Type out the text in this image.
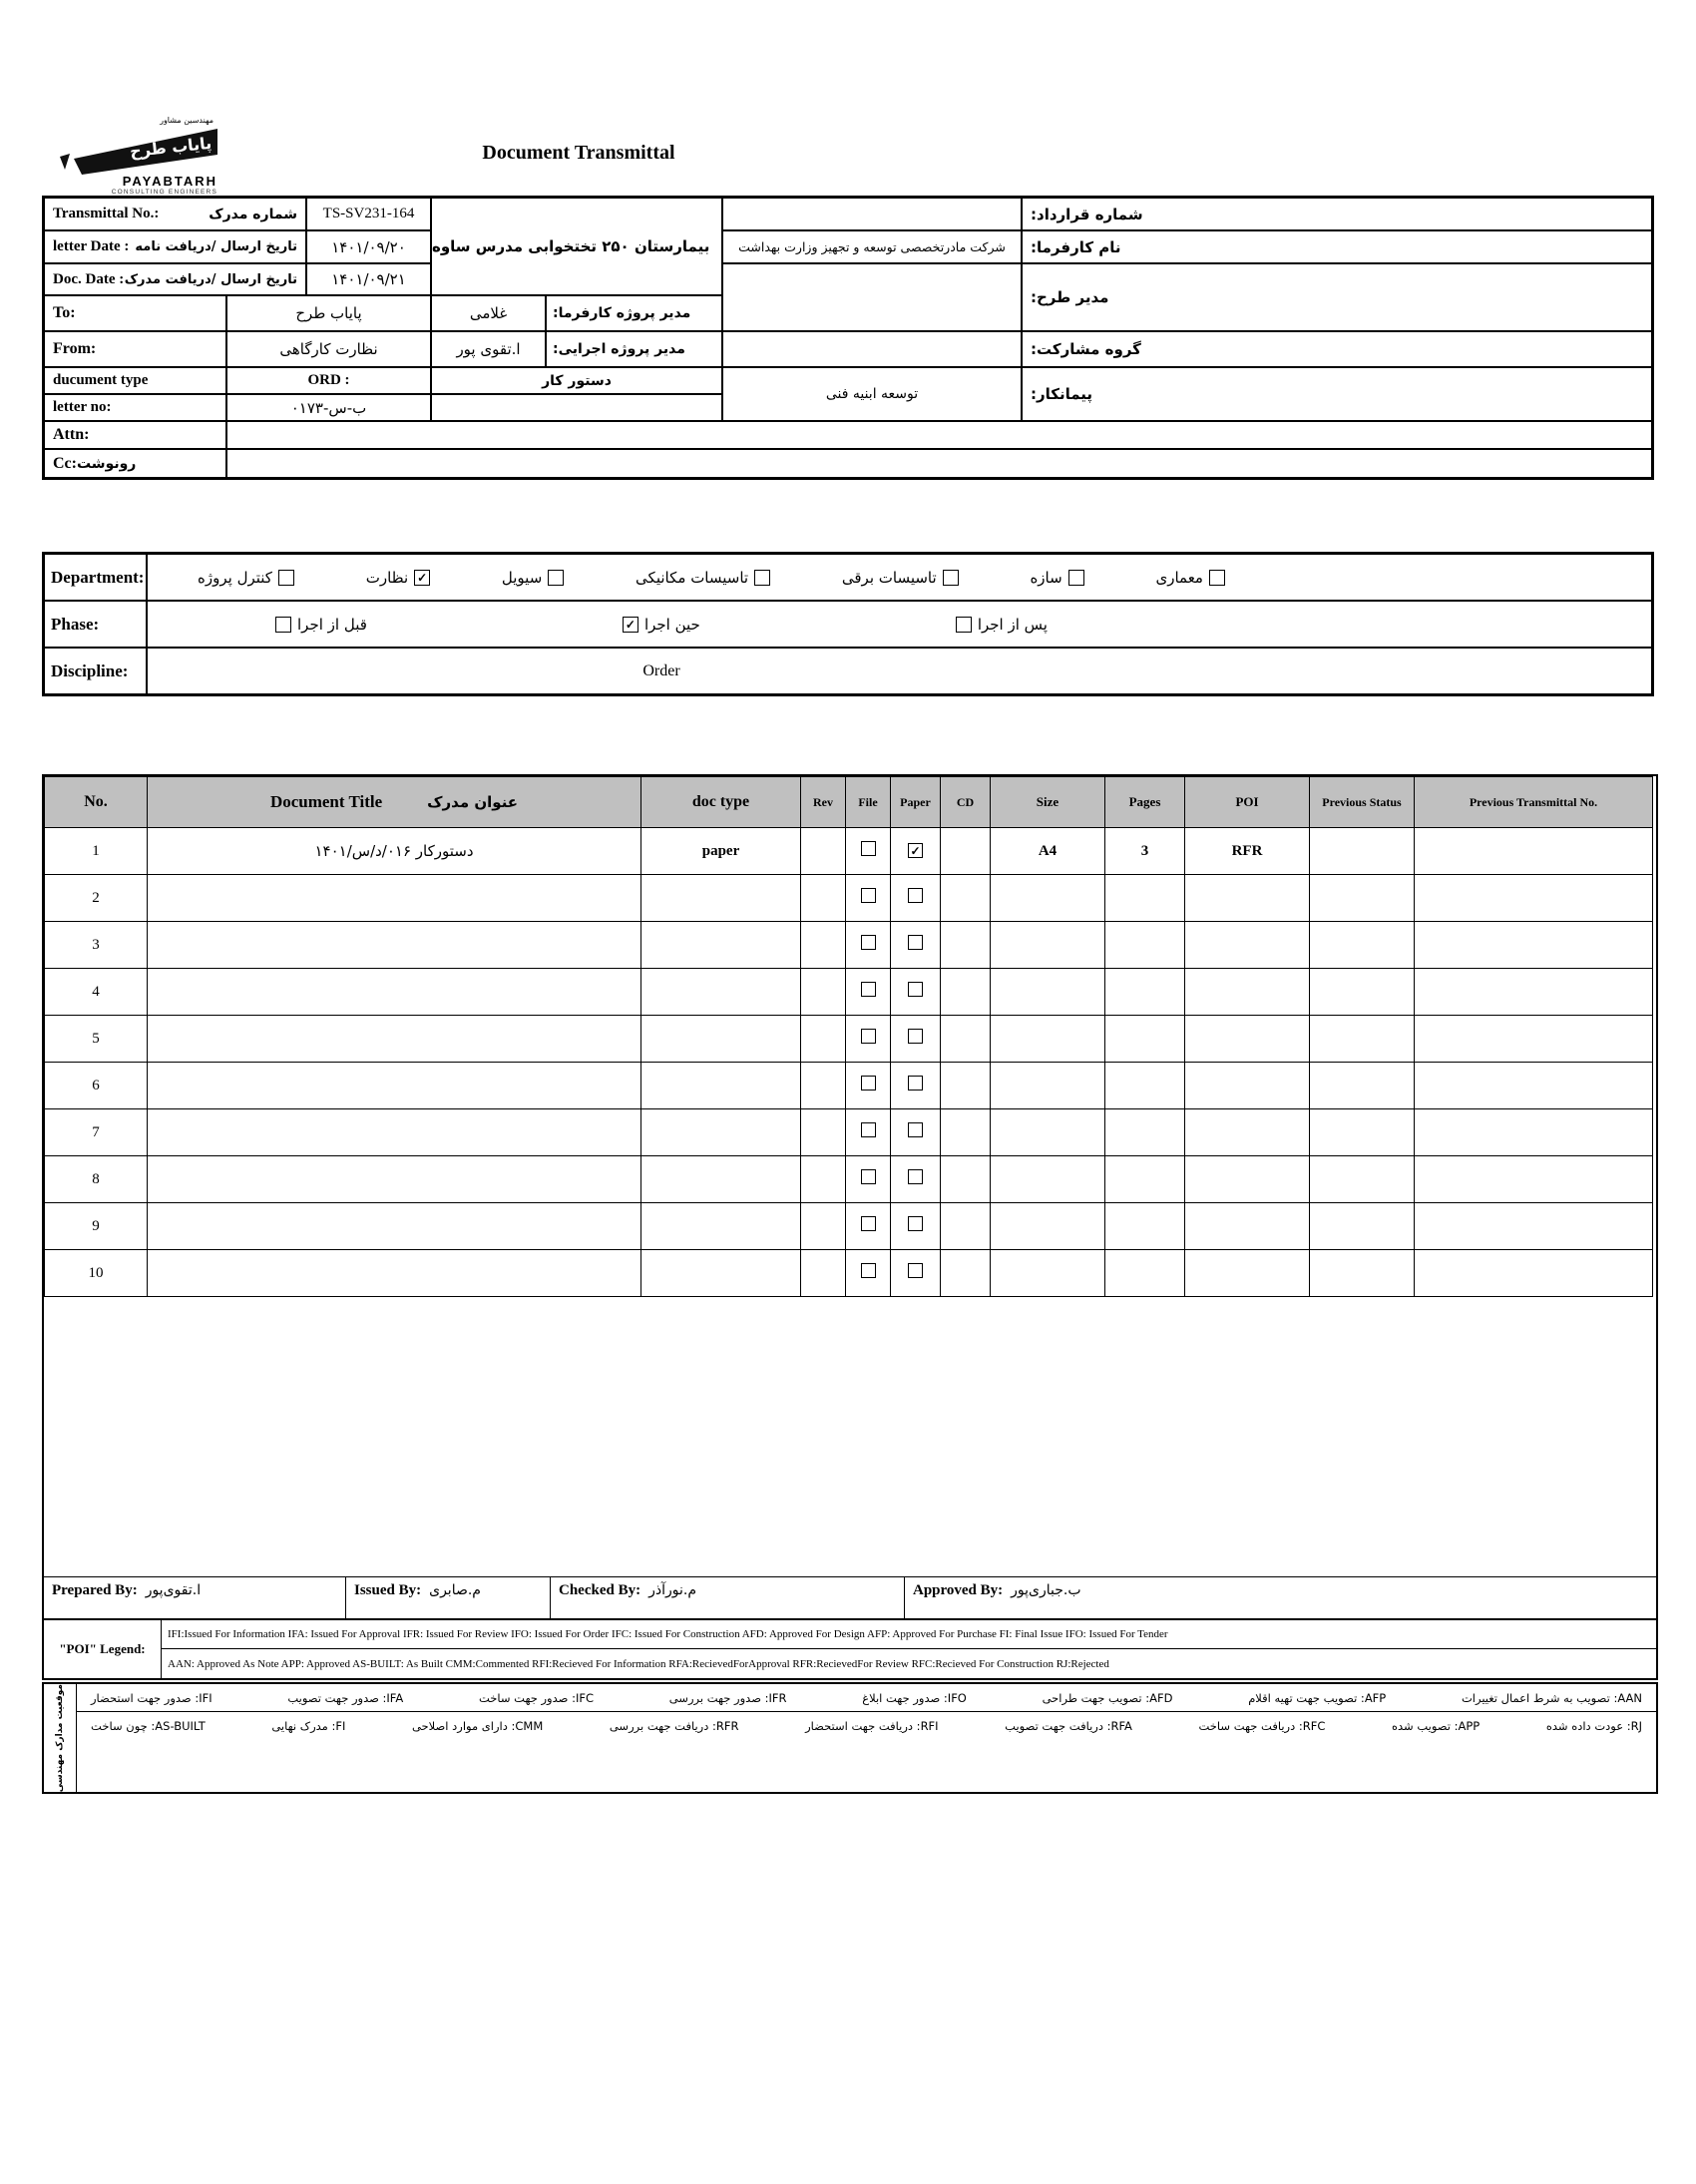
مهندسین مشاور
پایاب طرح
PAYABTARH
CONSULTING ENGINEERS
Document Transmittal
Transmittal No.:	شماره مدرک	TS-SV231-164
letter Date : تاریخ ارسال /دریافت نامه	۱۴۰۱/۰۹/۲۰
Doc. Date : تاریخ ارسال /دریافت مدرک	۱۴۰۱/۰۹/۲۱
بیمارستان ۲۵۰ تختخوابی مدرس ساوه
To:	پایاب طرح	غلامی	مدیر پروژه کارفرما:
From:	نظارت کارگاهی	ا.تقوی پور	مدیر پروژه اجرایی:
ducument type	ORD :	دستور کار
letter no:	ب-س-۰۱۷۳
Attn:
Cc: رونوشت
شماره قرارداد:
شرکت مادرتخصصی توسعه و تجهیز وزارت بهداشت نام کارفرما:
مدیر طرح:
گروه مشارکت:
توسعه ابنیه فنی	پیمانکار:
Department:	کنترل پروژه	نظارت ✓	سیویل	تاسیسات مکانیکی	تاسیسات برقی	سازه	معماری
Phase:	قبل از اجرا ✓	حین اجرا	پس از اجرا
Discipline:	Order
No.	Document Title عنوان مدرک	doc type	Rev	File	Paper	CD	Size	Pages	POI	Previous Status	Previous Transmittal No.
1	دستورکار ۰۱۶/د/س/۱۴۰۱	paper			✓		A4	3	RFR		
2											
3											
4											
5											
6											
7											
8											
9											
10											
Prepared By: ا.تقوی‌پور	Issued By: م.صابری	Checked By: م.نورآذر	Approved By: ب.جباری‌پور
"POI" Legend:
IFI:Issued For Information IFA: Issued For Approval IFR: Issued For Review IFO: Issued For Order IFC: Issued For Construction AFD: Approved For Design AFP: Approved For Purchase FI: Final Issue IFO: Issued For Tender
AAN: Approved As Note APP: Approved AS-BUILT: As Built CMM:Commented RFI:Recieved For Information RFA:RecievedForApproval RFR:RecievedFor Review RFC:Recieved For Construction RJ:Rejected
موقعیت مدارک مهندسی	AAN: تصویب به شرط اعمال تغییرات
AFP: تصویب جهت تهیه اقلام
AFD: تصویب جهت طراحی
IFO: صدور جهت ابلاغ
IFR: صدور جهت بررسی
IFC: صدور جهت ساخت
IFA: صدور جهت تصویب
IFI: صدور جهت استحضار
RJ: عودت داده شده
APP: تصویب شده
RFC: دریافت جهت ساخت
RFA: دریافت جهت تصویب
RFI: دریافت جهت استحضار
RFR: دریافت جهت بررسی
CMM: دارای موارد اصلاحی
FI: مدرک نهایی
AS-BUILT: چون ساخت
